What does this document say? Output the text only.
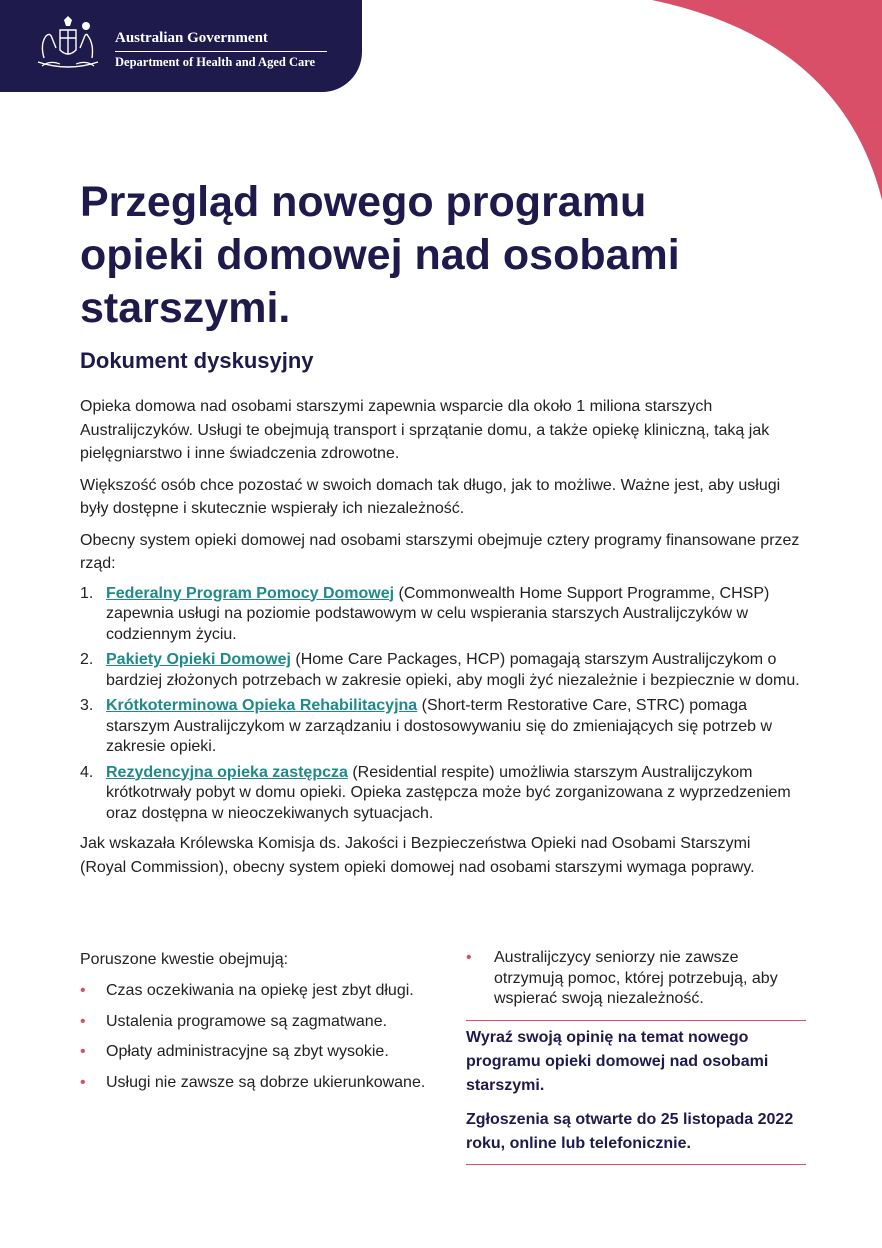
Australian Government
Department of Health and Aged Care
Przegląd nowego programu
opieki domowej nad osobami
starszymi.
Dokument dyskusyjny

Opieka domowa nad osobami starszymi zapewnia wsparcie dla około 1 miliona starszych Australijczyków. Usługi te obejmują transport i sprzątanie domu, a także opiekę kliniczną, taką jak pielęgniarstwo i inne świadczenia zdrowotne.

Większość osób chce pozostać w swoich domach tak długo, jak to możliwe. Ważne jest, aby usługi były dostępne i skutecznie wspierały ich niezależność.

Obecny system opieki domowej nad osobami starszymi obejmuje cztery programy finansowane przez rząd:

1. Federalny Program Pomocy Domowej (Commonwealth Home Support Programme, CHSP) zapewnia usługi na poziomie podstawowym w celu wspierania starszych Australijczyków w codziennym życiu.
2. Pakiety Opieki Domowej (Home Care Packages, HCP) pomagają starszym Australijczykom o bardziej złożonych potrzebach w zakresie opieki, aby mogli żyć niezależnie i bezpiecznie w domu.
3. Krótkoterminowa Opieka Rehabilitacyjna (Short-term Restorative Care, STRC) pomaga starszym Australijczykom w zarządzaniu i dostosowywaniu się do zmieniających się potrzeb w zakresie opieki.
4. Rezydencyjna opieka zastępcza (Residential respite) umożliwia starszym Australijczykom krótkotrwały pobyt w domu opieki. Opieka zastępcza może być zorganizowana z wyprzedzeniem oraz dostępna w nieoczekiwanych sytuacjach.

Jak wskazała Królewska Komisja ds. Jakości i Bezpieczeństwa Opieki nad Osobami Starszymi (Royal Commission), obecny system opieki domowej nad osobami starszymi wymaga poprawy.

Poruszone kwestie obejmują:

• Czas oczekiwania na opiekę jest zbyt długi.
• Ustalenia programowe są zagmatwane.
• Opłaty administracyjne są zbyt wysokie.
• Usługi nie zawsze są dobrze ukierunkowane.
• Australijczycy seniorzy nie zawsze otrzymują pomoc, której potrzebują, aby wspierać swoją niezależność.

Wyraź swoją opinię na temat nowego programu opieki domowej nad osobami starszymi.

Zgłoszenia są otwarte do 25 listopada 2022 roku, online lub telefonicznie.
